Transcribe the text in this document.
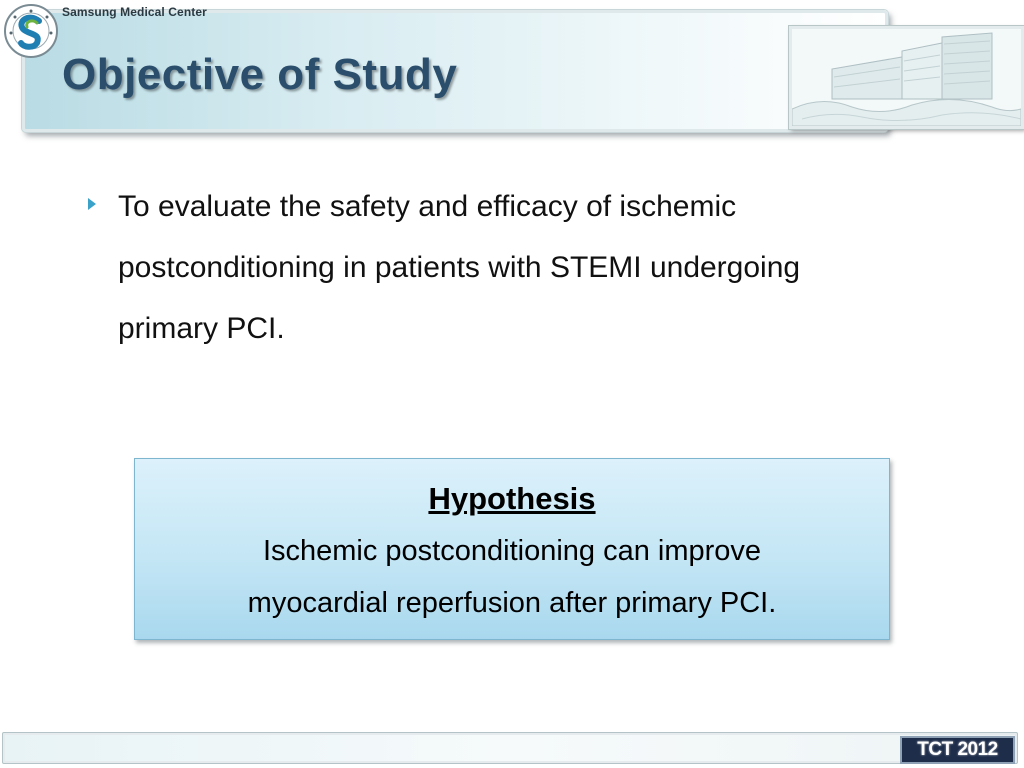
Samsung Medical Center
Objective of Study
To evaluate the safety and efficacy of ischemic postconditioning in patients with STEMI undergoing primary PCI.
Hypothesis
Ischemic postconditioning can improve
myocardial reperfusion after primary PCI.
TCT 2012
